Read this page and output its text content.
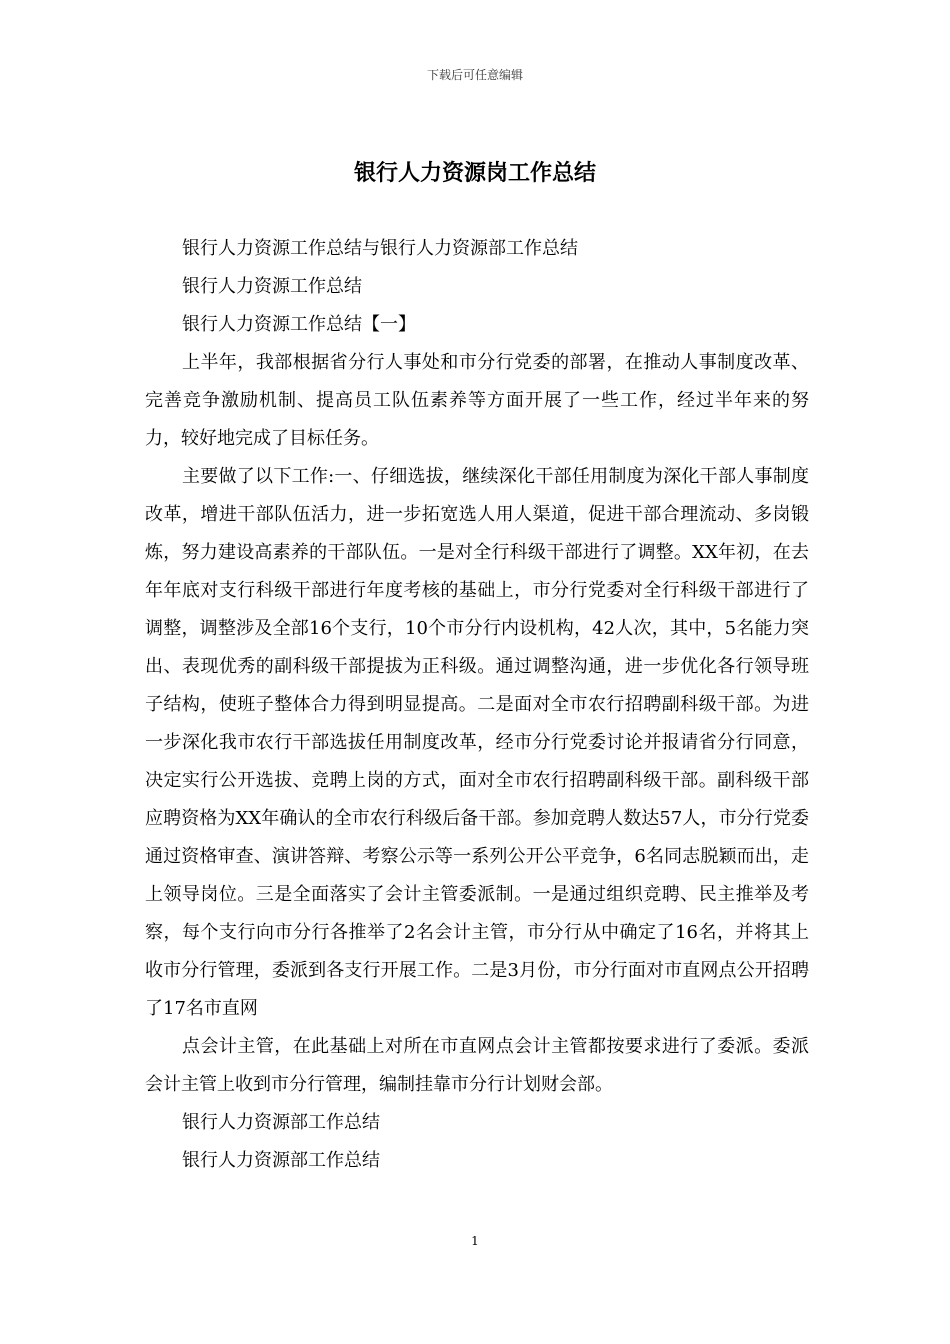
下载后可任意编辑
银行人力资源岗工作总结

银行人力资源工作总结与银行人力资源部工作总结

银行人力资源工作总结

银行人力资源工作总结【一】

上半年，我部根据省分行人事处和市分行党委的部署，在推动人事制度改革、完善竞争激励机制、提高员工队伍素养等方面开展了一些工作，经过半年来的努力，较好地完成了目标任务。

主要做了以下工作:一、仔细选拔，继续深化干部任用制度为深化干部人事制度改革，增进干部队伍活力，进一步拓宽选人用人渠道，促进干部合理流动、多岗锻炼，努力建设高素养的干部队伍。一是对全行科级干部进行了调整。XX年初，在去年年底对支行科级干部进行年度考核的基础上，市分行党委对全行科级干部进行了调整，调整涉及全部16个支行，10个市分行内设机构，42人次，其中，5名能力突出、表现优秀的副科级干部提拔为正科级。通过调整沟通，进一步优化各行领导班子结构，使班子整体合力得到明显提高。二是面对全市农行招聘副科级干部。为进一步深化我市农行干部选拔任用制度改革，经市分行党委讨论并报请省分行同意，决定实行公开选拔、竞聘上岗的方式，面对全市农行招聘副科级干部。副科级干部应聘资格为XX年确认的全市农行科级后备干部。参加竞聘人数达57人，市分行党委通过资格审查、演讲答辩、考察公示等一系列公开公平竞争，6名同志脱颖而出，走上领导岗位。三是全面落实了会计主管委派制。一是通过组织竞聘、民主推举及考察，每个支行向市分行各推举了2名会计主管，市分行从中确定了16名，并将其上收市分行管理，委派到各支行开展工作。二是3月份，市分行面对市直网点公开招聘了17名市直网

点会计主管，在此基础上对所在市直网点会计主管都按要求进行了委派。委派会计主管上收到市分行管理，编制挂靠市分行计划财会部。

银行人力资源部工作总结

银行人力资源部工作总结

1
